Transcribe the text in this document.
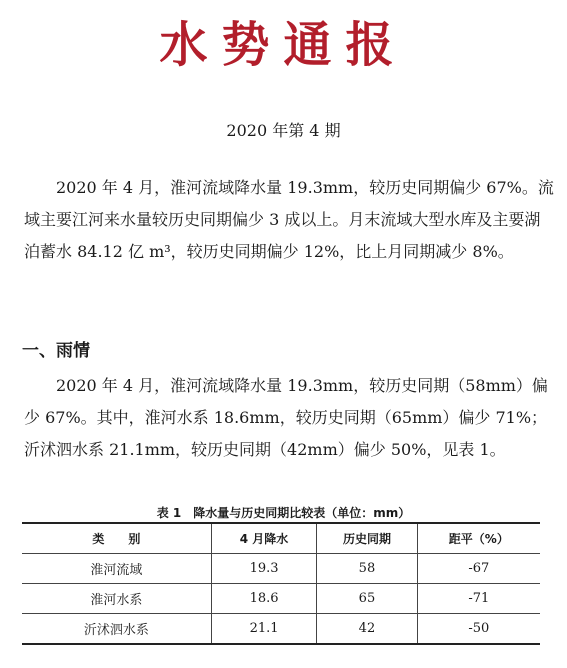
水势通报
2020 年第 4 期

2020 年 4 月，淮河流域降水量 19.3mm，较历史同期偏少 67%。流域主要江河来水量较历史同期偏少 3 成以上。月末流域大型水库及主要湖泊蓄水 84.12 亿 m³，较历史同期偏少 12%，比上月同期减少 8%。

一、雨情

2020 年 4 月，淮河流域降水量 19.3mm，较历史同期（58mm）偏少 67%。其中，淮河水系 18.6mm，较历史同期（65mm）偏少 71%；沂沭泗水系 21.1mm，较历史同期（42mm）偏少 50%，见表 1。

表 1　降水量与历史同期比较表（单位：mm）
类　　别	4 月降水	历史同期	距平（%）
淮河流域	19.3	58	-67
淮河水系	18.6	65	-71
沂沭泗水系	21.1	42	-50
